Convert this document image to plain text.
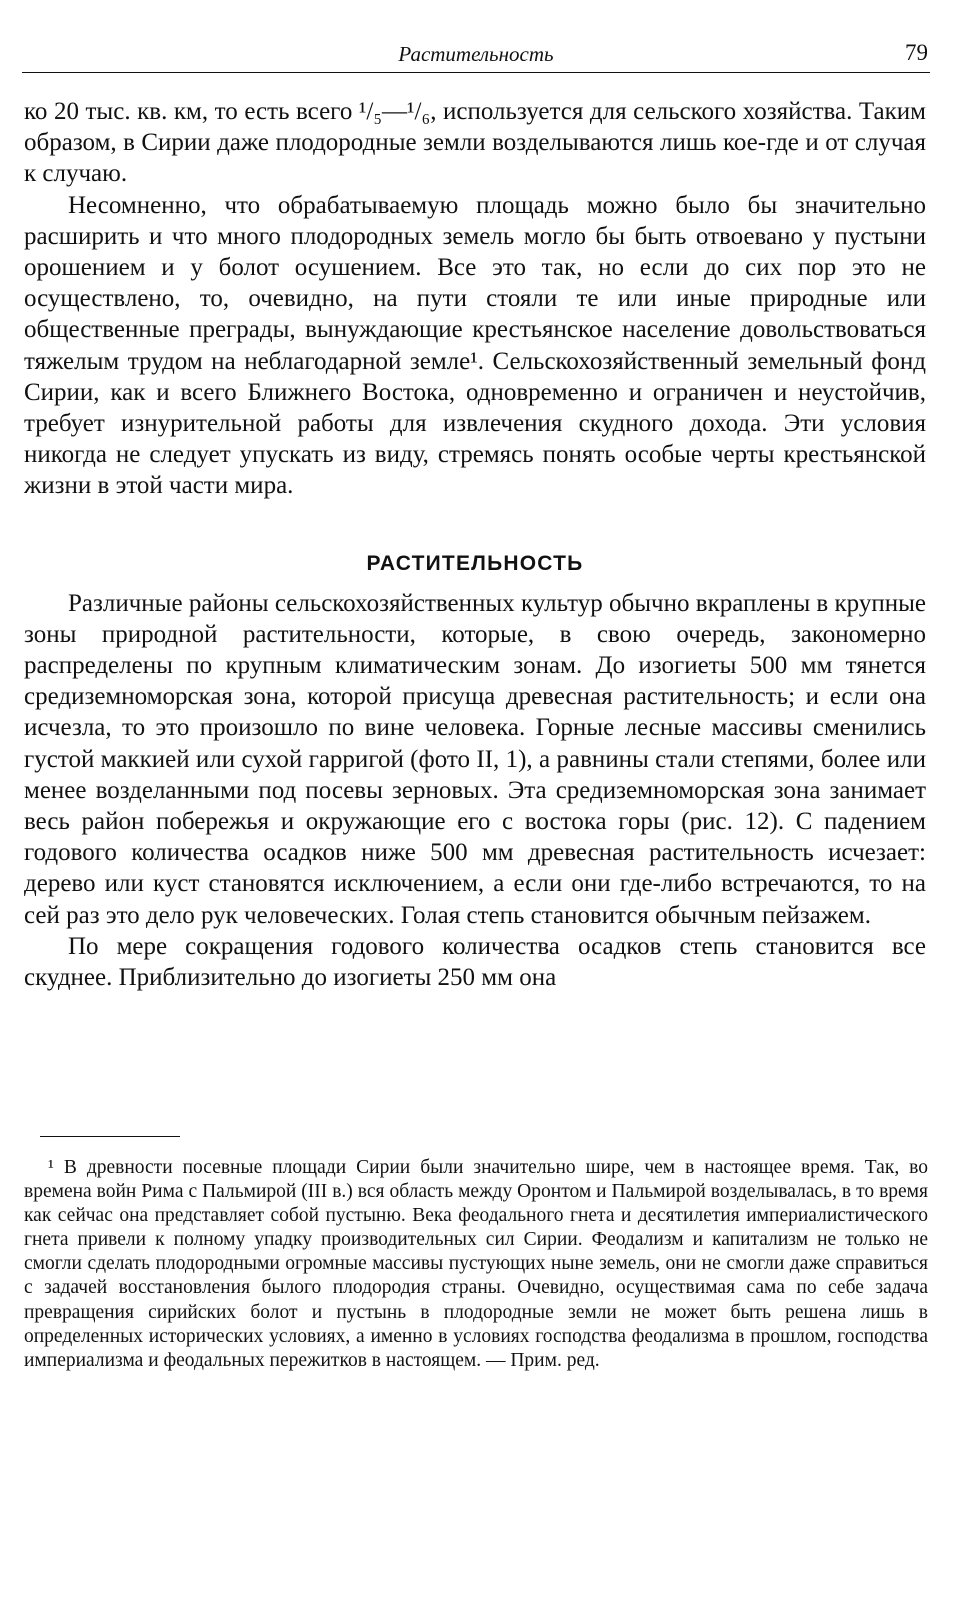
Растительность	79

ко 20 тыс. кв. км, то есть всего ¹/₅—¹/₆, используется для сельского хозяйства. Таким образом, в Сирии даже плодородные земли возделываются лишь кое-где и от случая к случаю.

Несомненно, что обрабатываемую площадь можно было бы значительно расширить и что много плодородных земель могло бы быть отвоевано у пустыни орошением и у болот осушением. Все это так, но если до сих пор это не осуществлено, то, очевидно, на пути стояли те или иные природные или общественные преграды, вынуждающие крестьянское население довольствоваться тяжелым трудом на неблагодарной земле¹. Сельскохозяйственный земельный фонд Сирии, как и всего Ближнего Востока, одновременно и ограничен и неустойчив, требует изнурительной работы для извлечения скудного дохода. Эти условия никогда не следует упускать из виду, стремясь понять особые черты крестьянской жизни в этой части мира.

РАСТИТЕЛЬНОСТЬ

Различные районы сельскохозяйственных культур обычно вкраплены в крупные зоны природной растительности, которые, в свою очередь, закономерно распределены по крупным климатическим зонам. До изогиеты 500 мм тянется средиземноморская зона, которой присуща древесная растительность; и если она исчезла, то это произошло по вине человека. Горные лесные массивы сменились густой маккией или сухой гарригой (фото II, 1), а равнины стали степями, более или менее возделанными под посевы зерновых. Эта средиземноморская зона занимает весь район побережья и окружающие его с востока горы (рис. 12). С падением годового количества осадков ниже 500 мм древесная растительность исчезает: дерево или куст становятся исключением, а если они где-либо встречаются, то на сей раз это дело рук человеческих. Голая степь становится обычным пейзажем.

По мере сокращения годового количества осадков степь становится все скуднее. Приблизительно до изогиеты 250 мм она

¹ В древности посевные площади Сирии были значительно шире, чем в настоящее время. Так, во времена войн Рима с Пальмирой (III в.) вся область между Оронтом и Пальмирой возделывалась, в то время как сейчас она представляет собой пустыню. Века феодального гнета и десятилетия империалистического гнета привели к полному упадку производительных сил Сирии. Феодализм и капитализм не только не смогли сделать плодородными огромные массивы пустующих ныне земель, они не смогли даже справиться с задачей восстановления былого плодородия страны. Очевидно, осуществимая сама по себе задача превращения сирийских болот и пустынь в плодородные земли не может быть решена лишь в определенных исторических условиях, а именно в условиях господства феодализма в прошлом, господства империализма и феодальных пережитков в настоящем. — Прим. ред.
